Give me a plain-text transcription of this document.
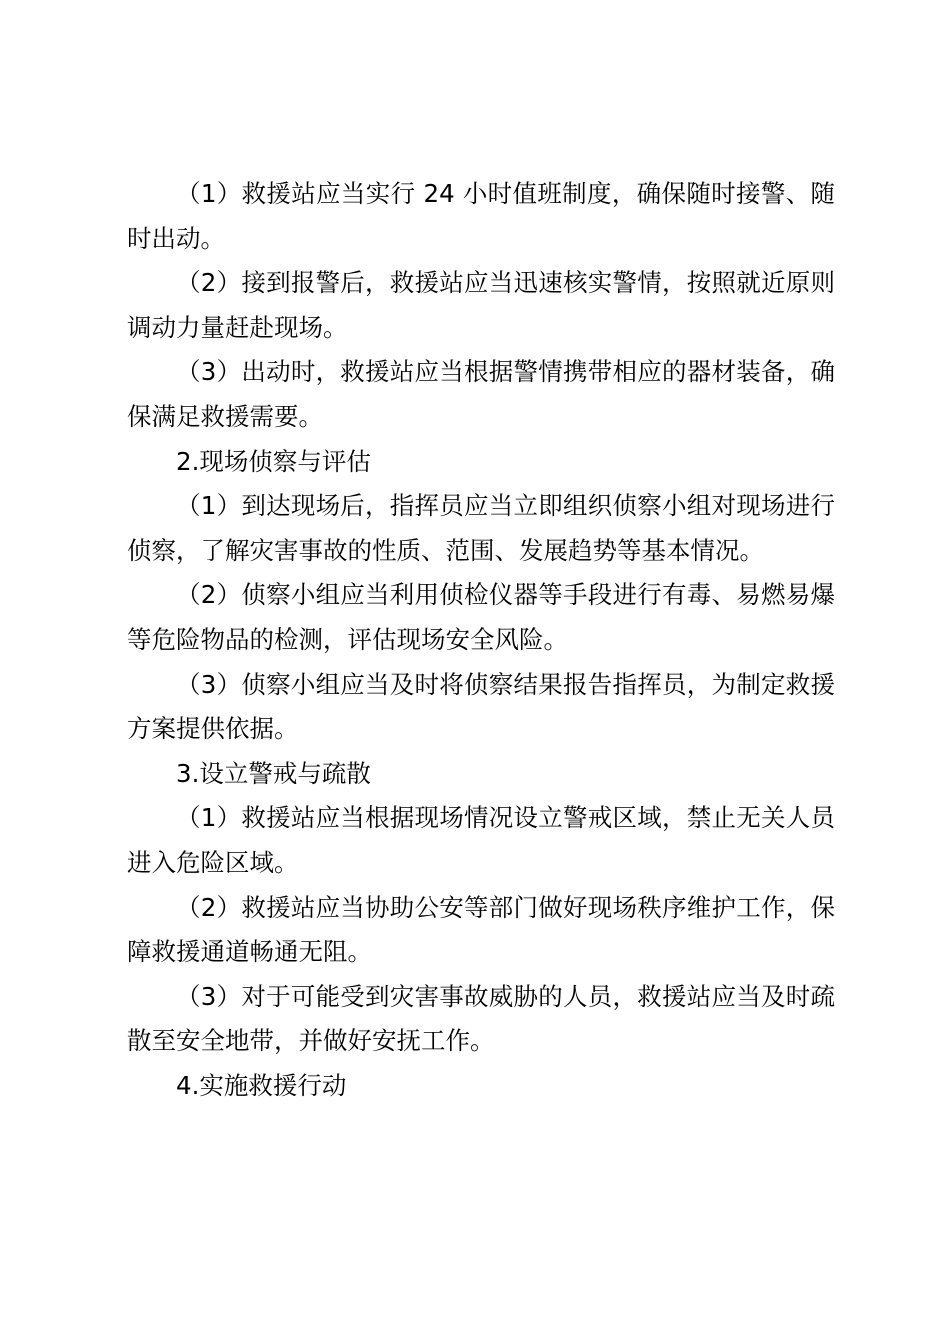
（1）救援站应当实行 24 小时值班制度，确保随时接警、随时出动。

（2）接到报警后，救援站应当迅速核实警情，按照就近原则调动力量赶赴现场。

（3）出动时，救援站应当根据警情携带相应的器材装备，确保满足救援需要。

2.现场侦察与评估

（1）到达现场后，指挥员应当立即组织侦察小组对现场进行侦察，了解灾害事故的性质、范围、发展趋势等基本情况。

（2）侦察小组应当利用侦检仪器等手段进行有毒、易燃易爆等危险物品的检测，评估现场安全风险。

（3）侦察小组应当及时将侦察结果报告指挥员，为制定救援方案提供依据。

3.设立警戒与疏散

（1）救援站应当根据现场情况设立警戒区域，禁止无关人员进入危险区域。

（2）救援站应当协助公安等部门做好现场秩序维护工作，保障救援通道畅通无阻。

（3）对于可能受到灾害事故威胁的人员，救援站应当及时疏散至安全地带，并做好安抚工作。

4.实施救援行动
